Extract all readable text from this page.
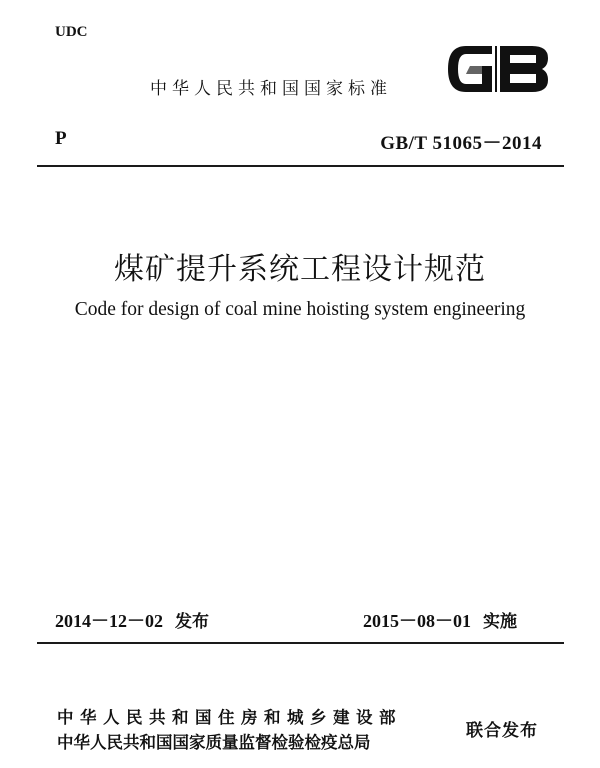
UDC
中华人民共和国国家标准
P	GB/T 51065－2014
煤矿提升系统工程设计规范
Code for design of coal mine hoisting system engineering
2014－12－02 发布	2015－08－01 实施
中华人民共和国住房和城乡建设部
中华人民共和国国家质量监督检验检疫总局
联合发布
